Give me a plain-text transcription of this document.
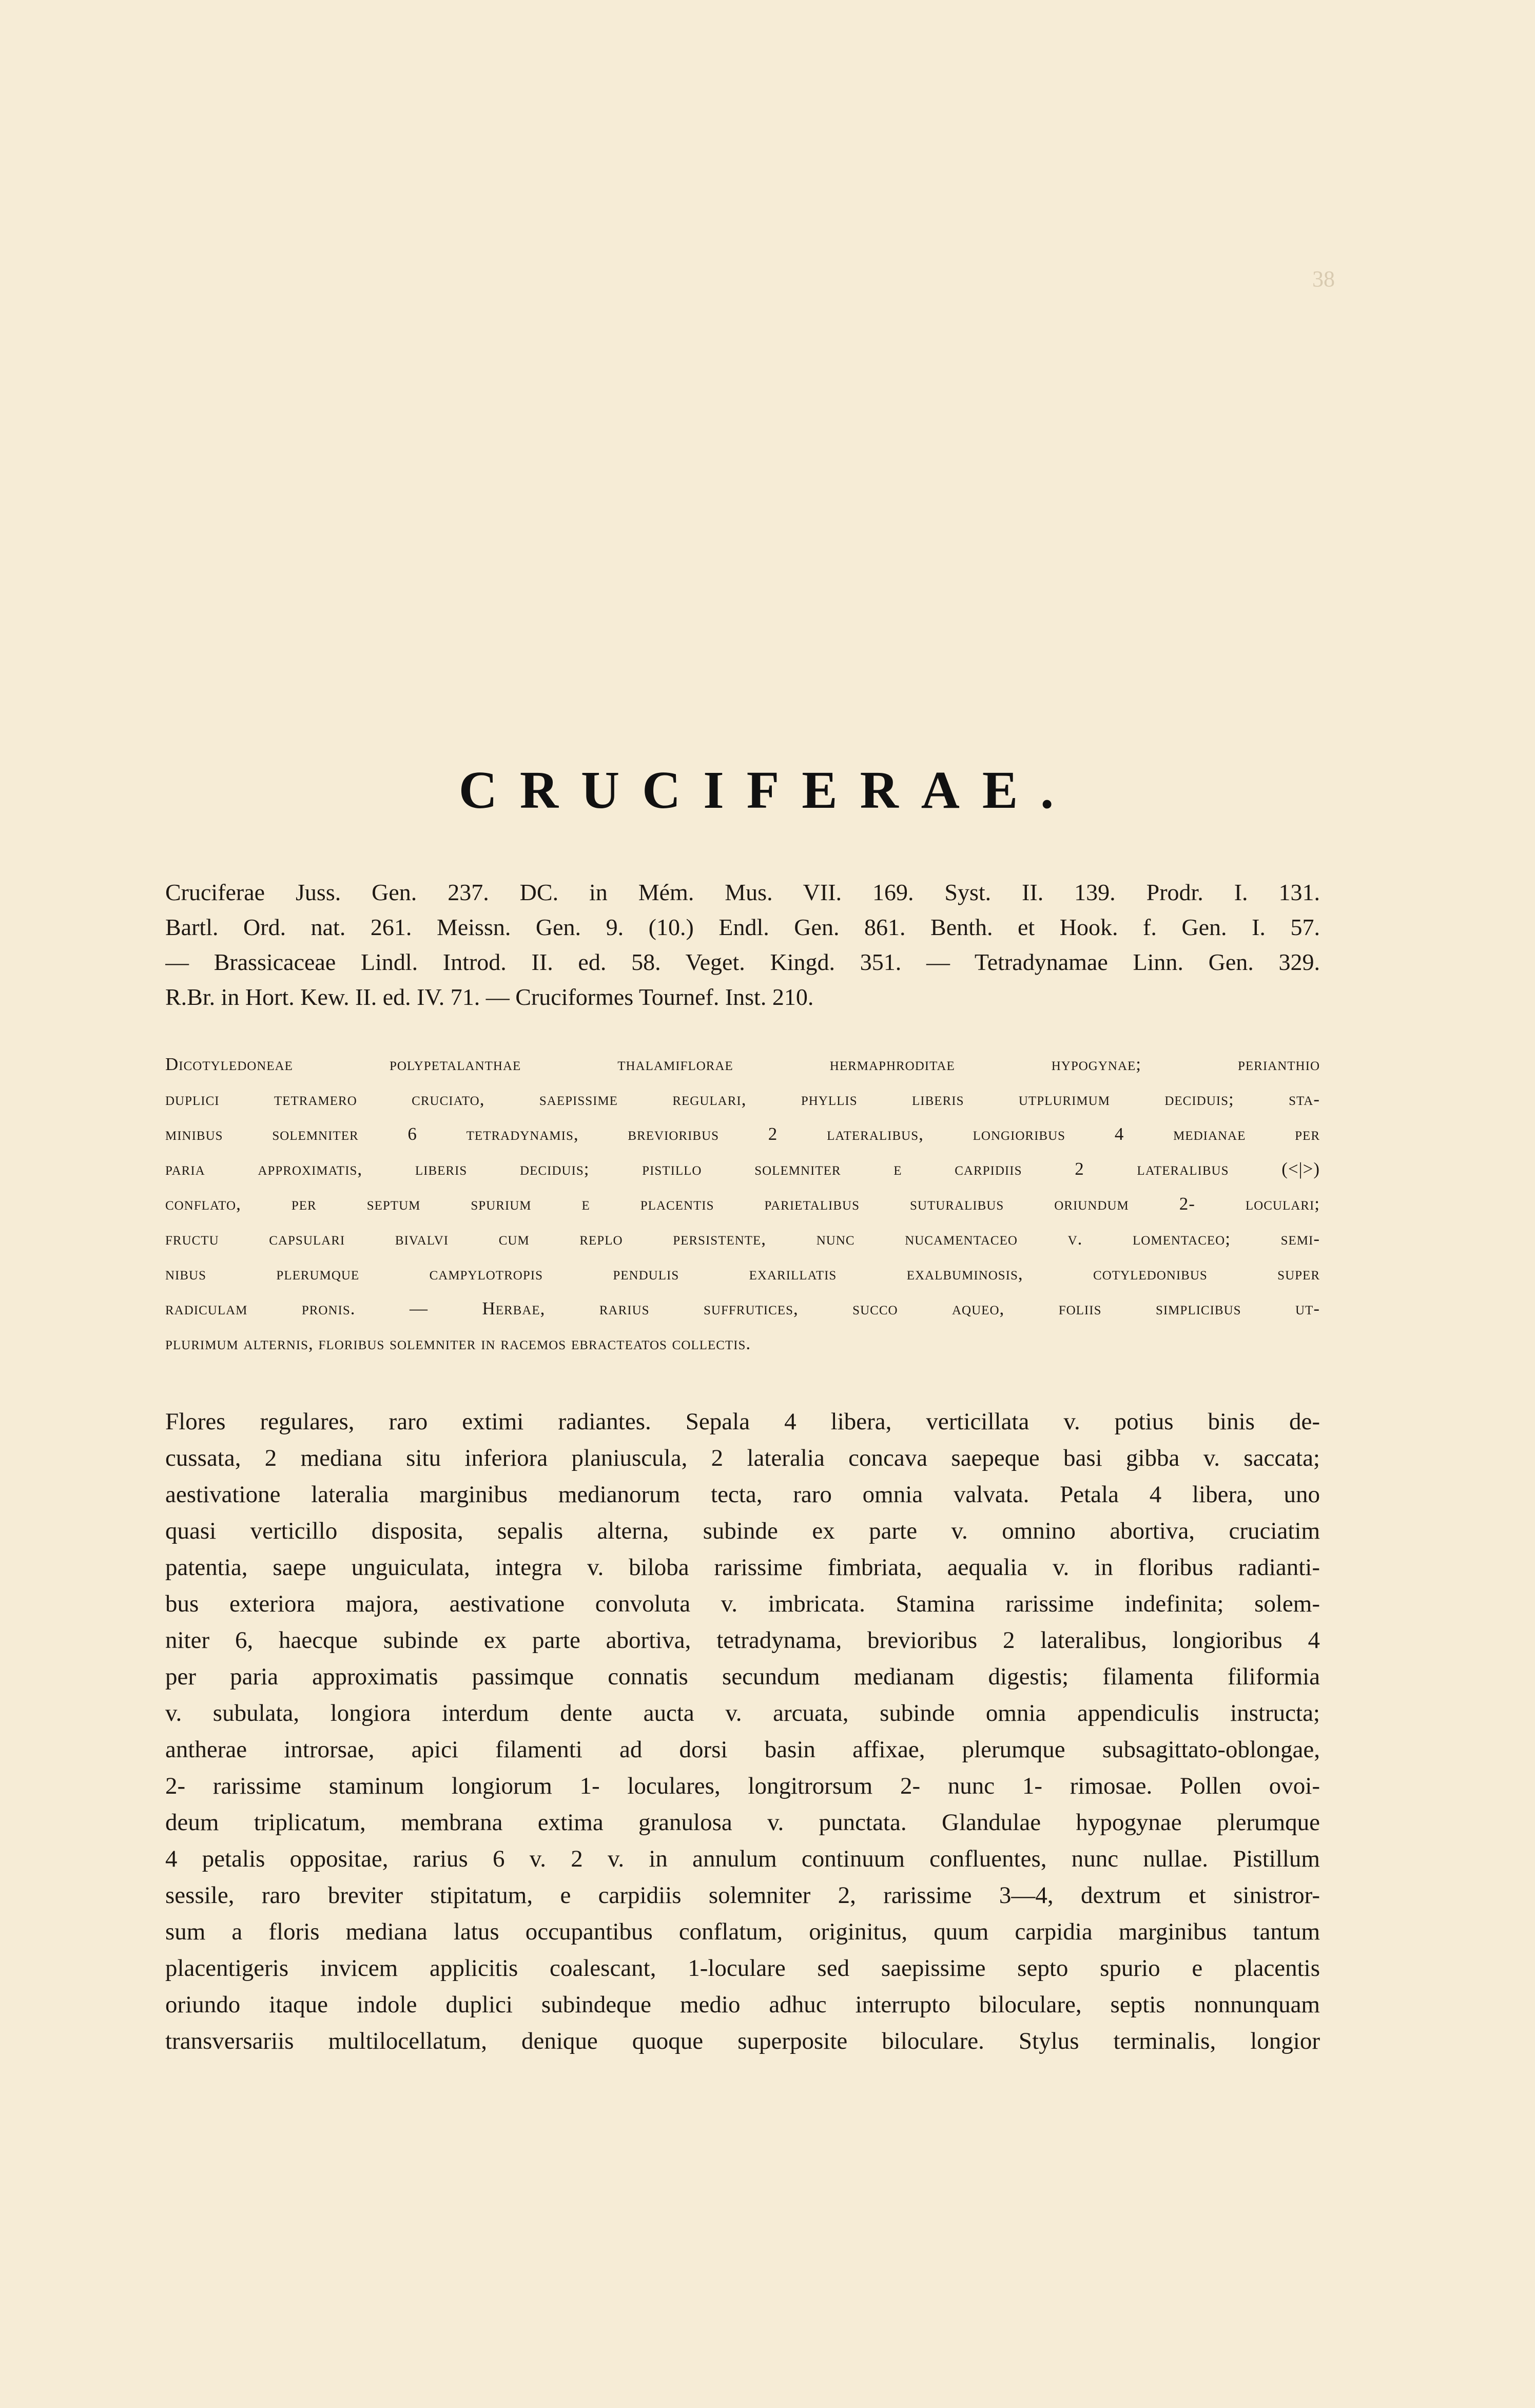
38
CRUCIFERAE.
Cruciferae Juss. Gen. 237. DC. in Mém. Mus. VII. 169. Syst. II. 139. Prodr. I. 131.
Bartl. Ord. nat. 261. Meissn. Gen. 9. (10.) Endl. Gen. 861. Benth. et Hook. f. Gen. I. 57.
— Brassicaceae Lindl. Introd. II. ed. 58. Veget. Kingd. 351. — Tetradynamae Linn. Gen. 329.
R.Br. in Hort. Kew. II. ed. IV. 71. — Cruciformes Tournef. Inst. 210.
Dicotyledoneae polypetalanthae thalamiflorae hermaphroditae hypogynae; perianthio
duplici tetramero cruciato, saepissime regulari, phyllis liberis utplurimum deciduis; sta-
minibus solemniter 6 tetradynamis, brevioribus 2 lateralibus, longioribus 4 medianae per
paria approximatis, liberis deciduis; pistillo solemniter e carpidiis 2 lateralibus (<|>)
conflato, per septum spurium e placentis parietalibus suturalibus oriundum 2- loculari;
fructu capsulari bivalvi cum replo persistente, nunc nucamentaceo v. lomentaceo; semi-
nibus plerumque campylotropis pendulis exarillatis exalbuminosis, cotyledonibus super
radiculam pronis. — Herbae, rarius suffrutices, succo aqueo, foliis simplicibus ut-
plurimum alternis, floribus solemniter in racemos ebracteatos collectis.
Flores regulares, raro extimi radiantes. Sepala 4 libera, verticillata v. potius binis de-
cussata, 2 mediana situ inferiora planiuscula, 2 lateralia concava saepeque basi gibba v. saccata;
aestivatione lateralia marginibus medianorum tecta, raro omnia valvata. Petala 4 libera, uno
quasi verticillo disposita, sepalis alterna, subinde ex parte v. omnino abortiva, cruciatim
patentia, saepe unguiculata, integra v. biloba rarissime fimbriata, aequalia v. in floribus radianti-
bus exteriora majora, aestivatione convoluta v. imbricata. Stamina rarissime indefinita; solem-
niter 6, haecque subinde ex parte abortiva, tetradynama, brevioribus 2 lateralibus, longioribus 4
per paria approximatis passimque connatis secundum medianam digestis; filamenta filiformia
v. subulata, longiora interdum dente aucta v. arcuata, subinde omnia appendiculis instructa;
antherae introrsae, apici filamenti ad dorsi basin affixae, plerumque subsagittato-oblongae,
2- rarissime staminum longiorum 1- loculares, longitrorsum 2- nunc 1- rimosae. Pollen ovoi-
deum triplicatum, membrana extima granulosa v. punctata. Glandulae hypogynae plerumque
4 petalis oppositae, rarius 6 v. 2 v. in annulum continuum confluentes, nunc nullae. Pistillum
sessile, raro breviter stipitatum, e carpidiis solemniter 2, rarissime 3—4, dextrum et sinistror-
sum a floris mediana latus occupantibus conflatum, originitus, quum carpidia marginibus tantum
placentigeris invicem applicitis coalescant, 1-loculare sed saepissime septo spurio e placentis
oriundo itaque indole duplici subindeque medio adhuc interrupto biloculare, septis nonnunquam
transversariis multilocellatum, denique quoque superposite biloculare. Stylus terminalis, longior
